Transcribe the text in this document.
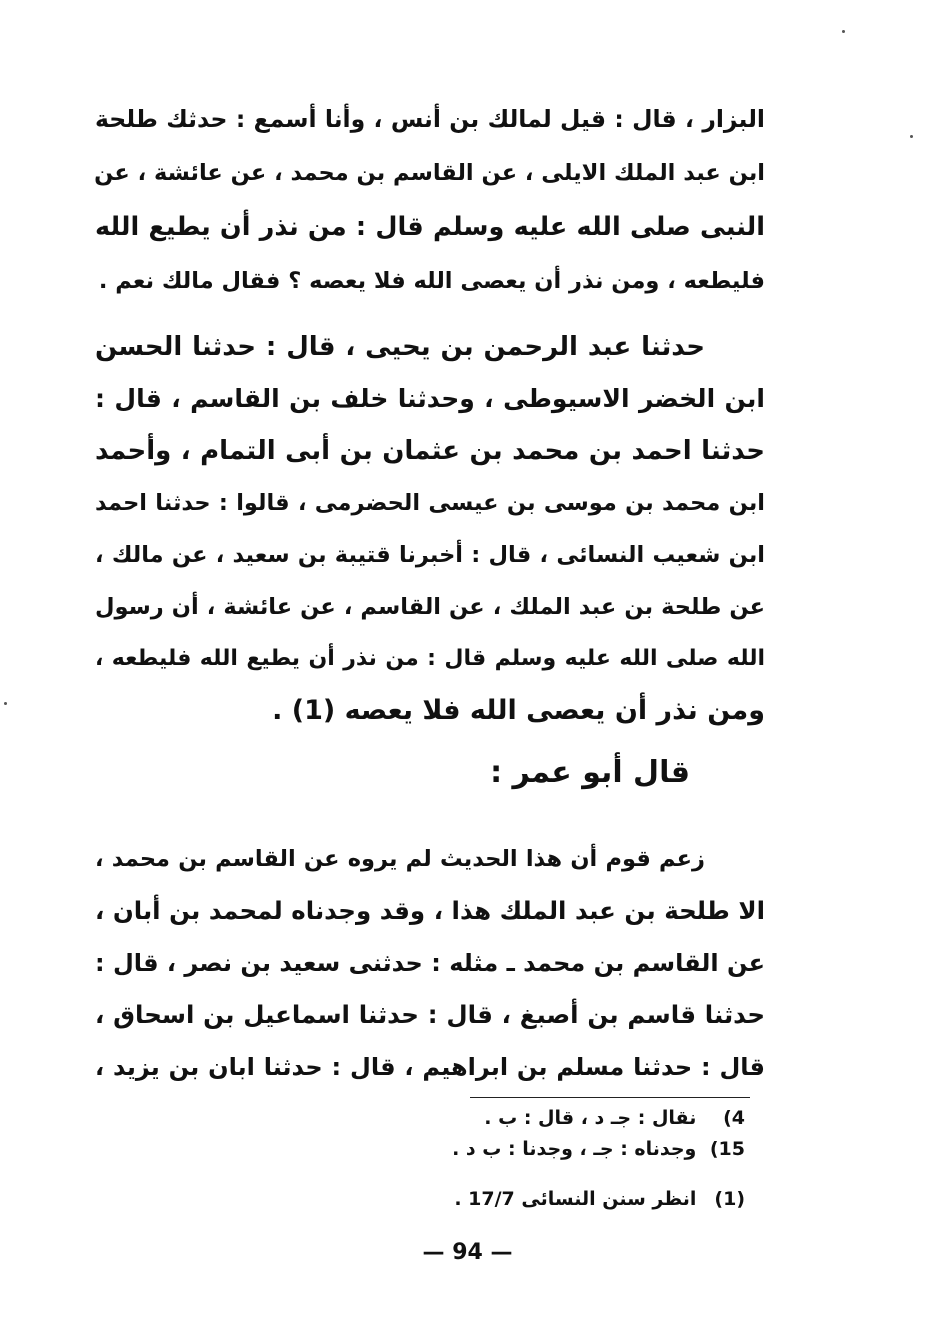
البزار ، قال : قيل لمالك بن أنس ، وأنا أسمع : حدثك طلحة
ابن عبد الملك الايلى ، عن القاسم بن محمد ، عن عائشة ، عن
النبى صلى الله عليه وسلم قال : من نذر أن يطيع الله
فليطعه ، ومن نذر أن يعصى الله فلا يعصه ؟ فقال مالك نعم .
حدثنا عبد الرحمن بن يحيى ، قال : حدثنا الحسن
ابن الخضر الاسيوطى ، وحدثنا خلف بن القاسم ، قال :
حدثنا احمد بن محمد بن عثمان بن أبى التمام ، وأحمد
ابن محمد بن موسى بن عيسى الحضرمى ، قالوا : حدثنا احمد
ابن شعيب النسائى ، قال : أخبرنا قتيبة بن سعيد ، عن مالك ،
عن طلحة بن عبد الملك ، عن القاسم ، عن عائشة ، أن رسول
الله صلى الله عليه وسلم قال : من نذر أن يطيع الله فليطعه ،
ومن نذر أن يعصى الله فلا يعصه (1) .
قال أبو عمر :
زعم قوم أن هذا الحديث لم يروه عن القاسم بن محمد ،
الا طلحة بن عبد الملك هذا ، وقد وجدناه لمحمد بن أبان ،
عن القاسم بن محمد ـ مثله : حدثنى سعيد بن نصر ، قال :
حدثنا قاسم بن أصبغ ، قال : حدثنا اسماعيل بن اسحاق ،
قال : حدثنا مسلم بن ابراهيم ، قال : حدثنا ابان بن يزيد ،
4) نقال : جـ د ، قال : ب .
15) وجدناه : جـ ، وجدنا : ب د .
(1) انظر سنن النسائى 17/7 .
— 94 —
